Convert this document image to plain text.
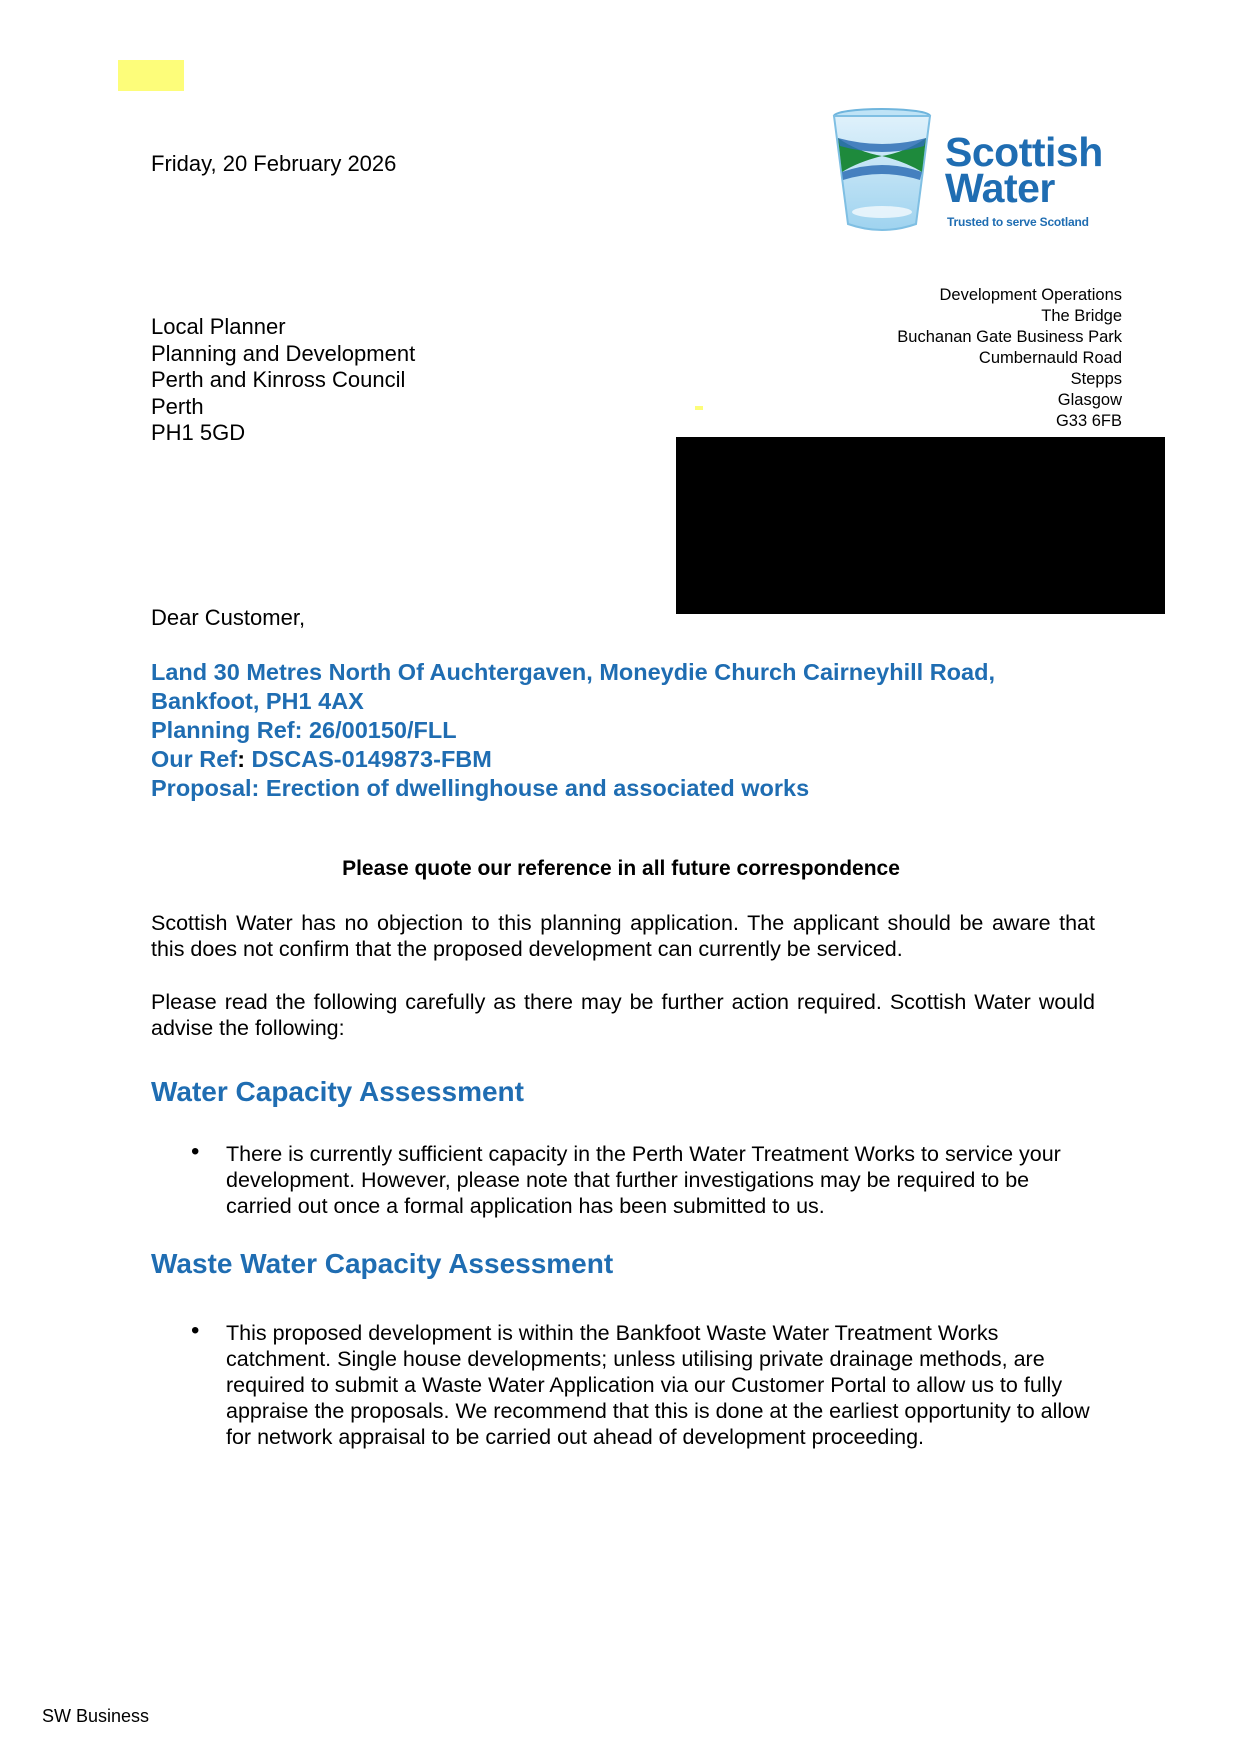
Friday, 20 February 2026	Scottish
Water
Trusted to serve Scotland
Development Operations
The Bridge
Buchanan Gate Business Park
Cumbernauld Road
Stepps
Glasgow
G33 6FB
Local Planner
Planning and Development
Perth and Kinross Council
Perth
PH1 5GD
Dear Customer,
Land 30 Metres North Of Auchtergaven, Moneydie Church Cairneyhill Road,
Bankfoot, PH1 4AX
Planning Ref: 26/00150/FLL
Our Ref: DSCAS-0149873-FBM
Proposal: Erection of dwellinghouse and associated works
Please quote our reference in all future correspondence
Scottish Water has no objection to this planning application. The applicant should be aware that this does not confirm that the proposed development can currently be serviced.
Please read the following carefully as there may be further action required. Scottish Water would advise the following:
Water Capacity Assessment
• There is currently sufficient capacity in the Perth Water Treatment Works to service your development. However, please note that further investigations may be required to be carried out once a formal application has been submitted to us.
Waste Water Capacity Assessment
• This proposed development is within the Bankfoot Waste Water Treatment Works catchment. Single house developments; unless utilising private drainage methods, are required to submit a Waste Water Application via our Customer Portal to allow us to fully appraise the proposals. We recommend that this is done at the earliest opportunity to allow for network appraisal to be carried out ahead of development proceeding.
SW Business
